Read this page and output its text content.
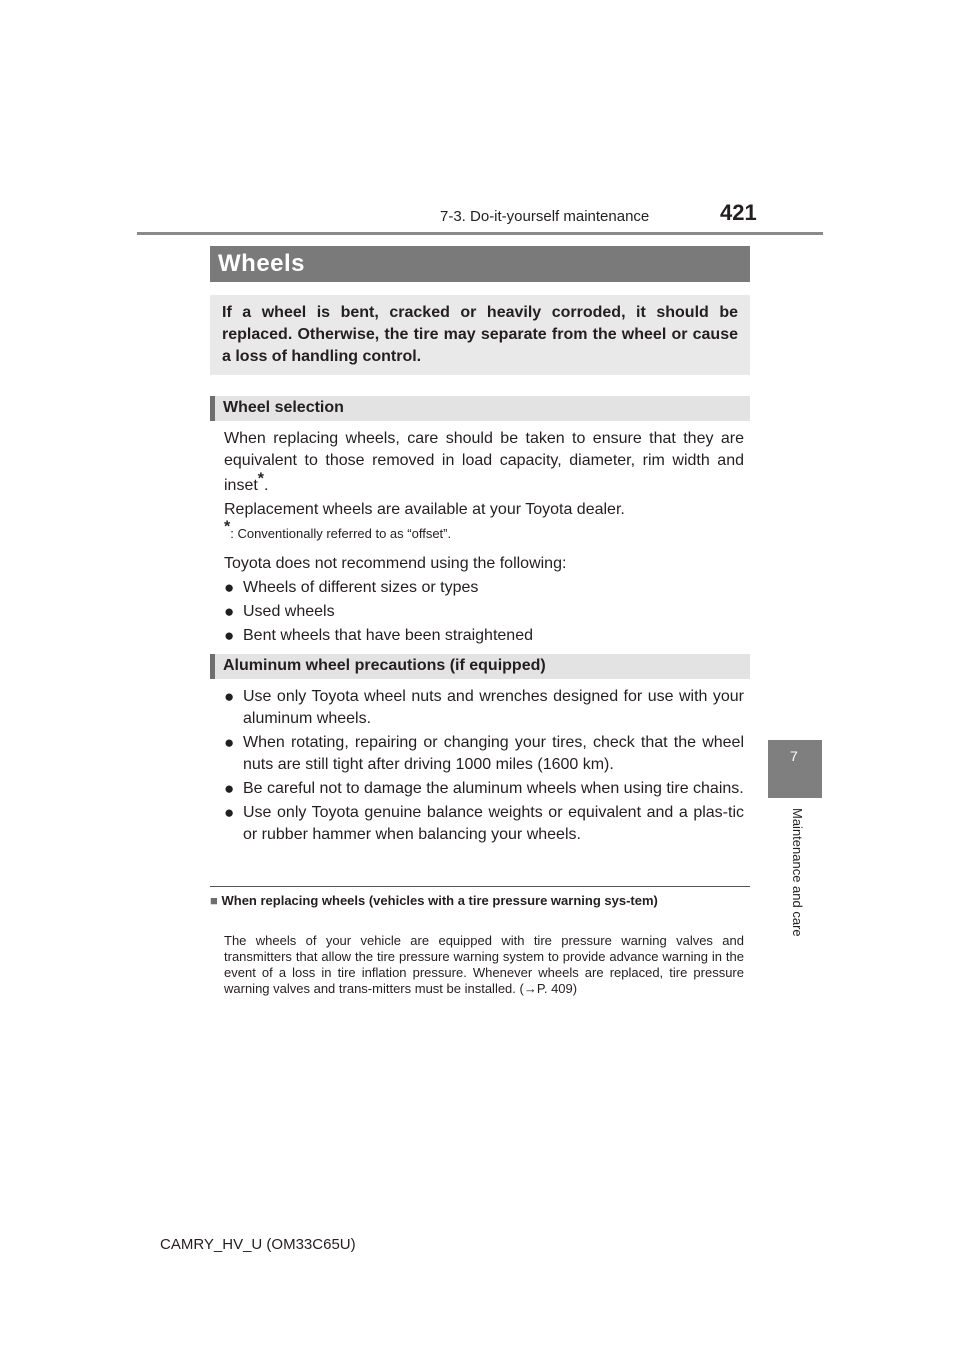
7-3. Do-it-yourself maintenance	421
7
Maintenance and care
Wheels
If a wheel is bent, cracked or heavily corroded, it should be replaced. Otherwise, the tire may separate from the wheel or cause a loss of handling control.
Wheel selection
When replacing wheels, care should be taken to ensure that they are
equivalent to those removed in load capacity, diameter, rim width and
inset*.
Replacement wheels are available at your Toyota dealer.
*: Conventionally referred to as “offset”.
Toyota does not recommend using the following:
● Wheels of different sizes or types
● Used wheels
● Bent wheels that have been straightened
Aluminum wheel precautions (if equipped)
● Use only Toyota wheel nuts and wrenches designed for use with your aluminum wheels.
● When rotating, repairing or changing your tires, check that the wheel nuts are still tight after driving 1000 miles (1600 km).
● Be careful not to damage the aluminum wheels when using tire chains.
● Use only Toyota genuine balance weights or equivalent and a plas-tic or rubber hammer when balancing your wheels.
■ When replacing wheels (vehicles with a tire pressure warning sys-tem)
The wheels of your vehicle are equipped with tire pressure warning valves and transmitters that allow the tire pressure warning system to provide advance warning in the event of a loss in tire inflation pressure. Whenever wheels are replaced, tire pressure warning valves and trans-mitters must be installed. (→P. 409)
CAMRY_HV_U (OM33C65U)
